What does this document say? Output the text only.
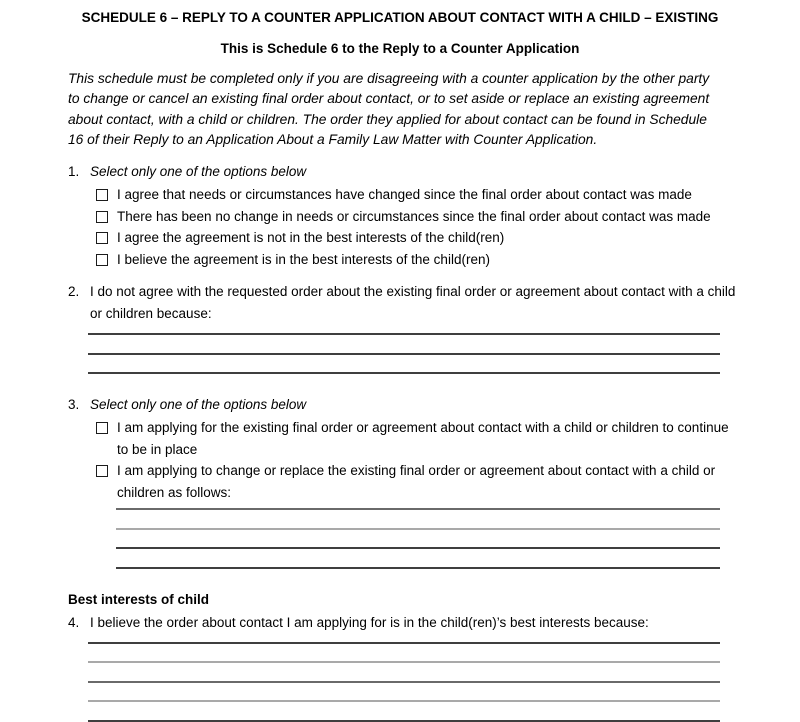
SCHEDULE 6 – REPLY TO A COUNTER APPLICATION ABOUT CONTACT WITH A CHILD – EXISTING
This is Schedule 6 to the Reply to a Counter Application

This schedule must be completed only if you are disagreeing with a counter application by the other party to change or cancel an existing final order about contact, or to set aside or replace an existing agreement about contact, with a child or children. The order they applied for about contact can be found in Schedule 16 of their Reply to an Application About a Family Law Matter with Counter Application.

1. Select only one of the options below
I agree that needs or circumstances have changed since the final order about contact was made
There has been no change in needs or circumstances since the final order about contact was made
I agree the agreement is not in the best interests of the child(ren)
I believe the agreement is in the best interests of the child(ren)
2. I do not agree with the requested order about the existing final order or agreement about contact with a child or children because:
3. Select only one of the options below
I am applying for the existing final order or agreement about contact with a child or children to continue to be in place
I am applying to change or replace the existing final order or agreement about contact with a child or children as follows:
Best interests of child
4. I believe the order about contact I am applying for is in the child(ren)’s best interests because:
